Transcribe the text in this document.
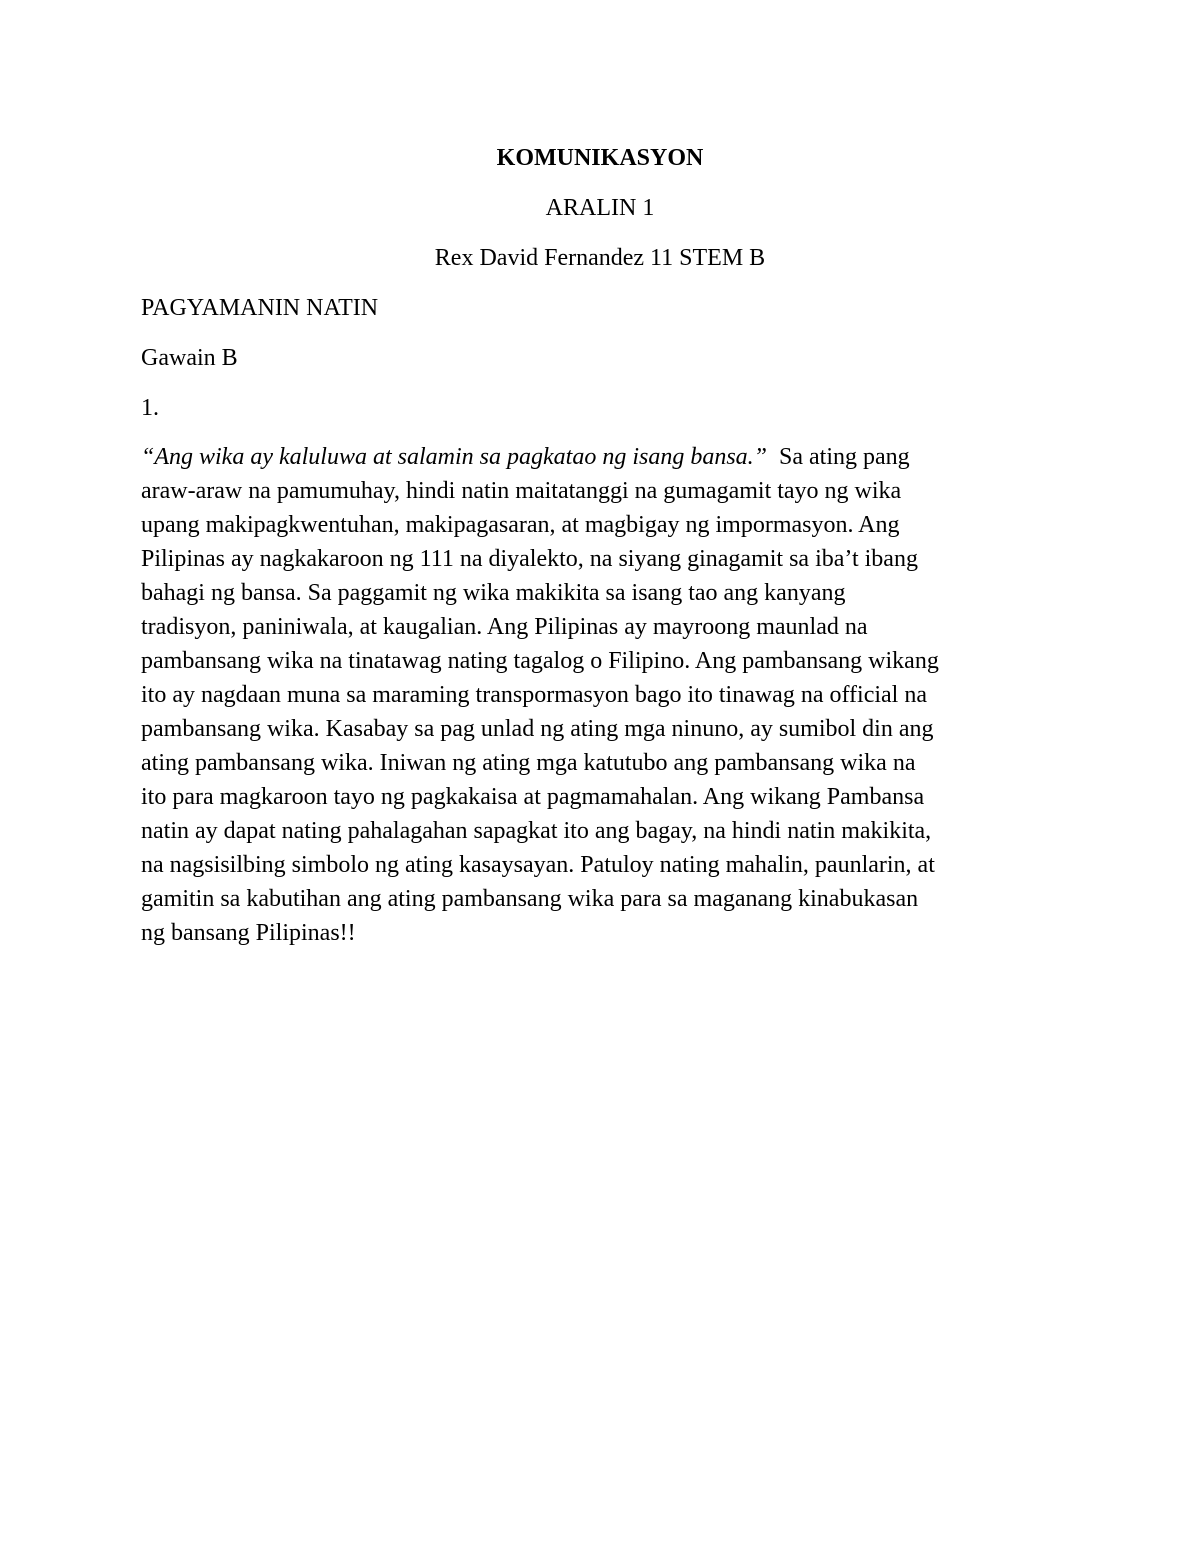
KOMUNIKASYON

ARALIN 1

Rex David Fernandez 11 STEM B

PAGYAMANIN NATIN

Gawain B

1.

“Ang wika ay kaluluwa at salamin sa pagkatao ng isang bansa.” Sa ating pang
araw-araw na pamumuhay, hindi natin maitatanggi na gumagamit tayo ng wika
upang makipagkwentuhan, makipagasaran, at magbigay ng impormasyon. Ang
Pilipinas ay nagkakaroon ng 111 na diyalekto, na siyang ginagamit sa iba’t ibang
bahagi ng bansa. Sa paggamit ng wika makikita sa isang tao ang kanyang
tradisyon, paniniwala, at kaugalian. Ang Pilipinas ay mayroong maunlad na
pambansang wika na tinatawag nating tagalog o Filipino. Ang pambansang wikang
ito ay nagdaan muna sa maraming transpormasyon bago ito tinawag na official na
pambansang wika. Kasabay sa pag unlad ng ating mga ninuno, ay sumibol din ang
ating pambansang wika. Iniwan ng ating mga katutubo ang pambansang wika na
ito para magkaroon tayo ng pagkakaisa at pagmamahalan. Ang wikang Pambansa
natin ay dapat nating pahalagahan sapagkat ito ang bagay, na hindi natin makikita,
na nagsisilbing simbolo ng ating kasaysayan. Patuloy nating mahalin, paunlarin, at
gamitin sa kabutihan ang ating pambansang wika para sa maganang kinabukasan
ng bansang Pilipinas!!
